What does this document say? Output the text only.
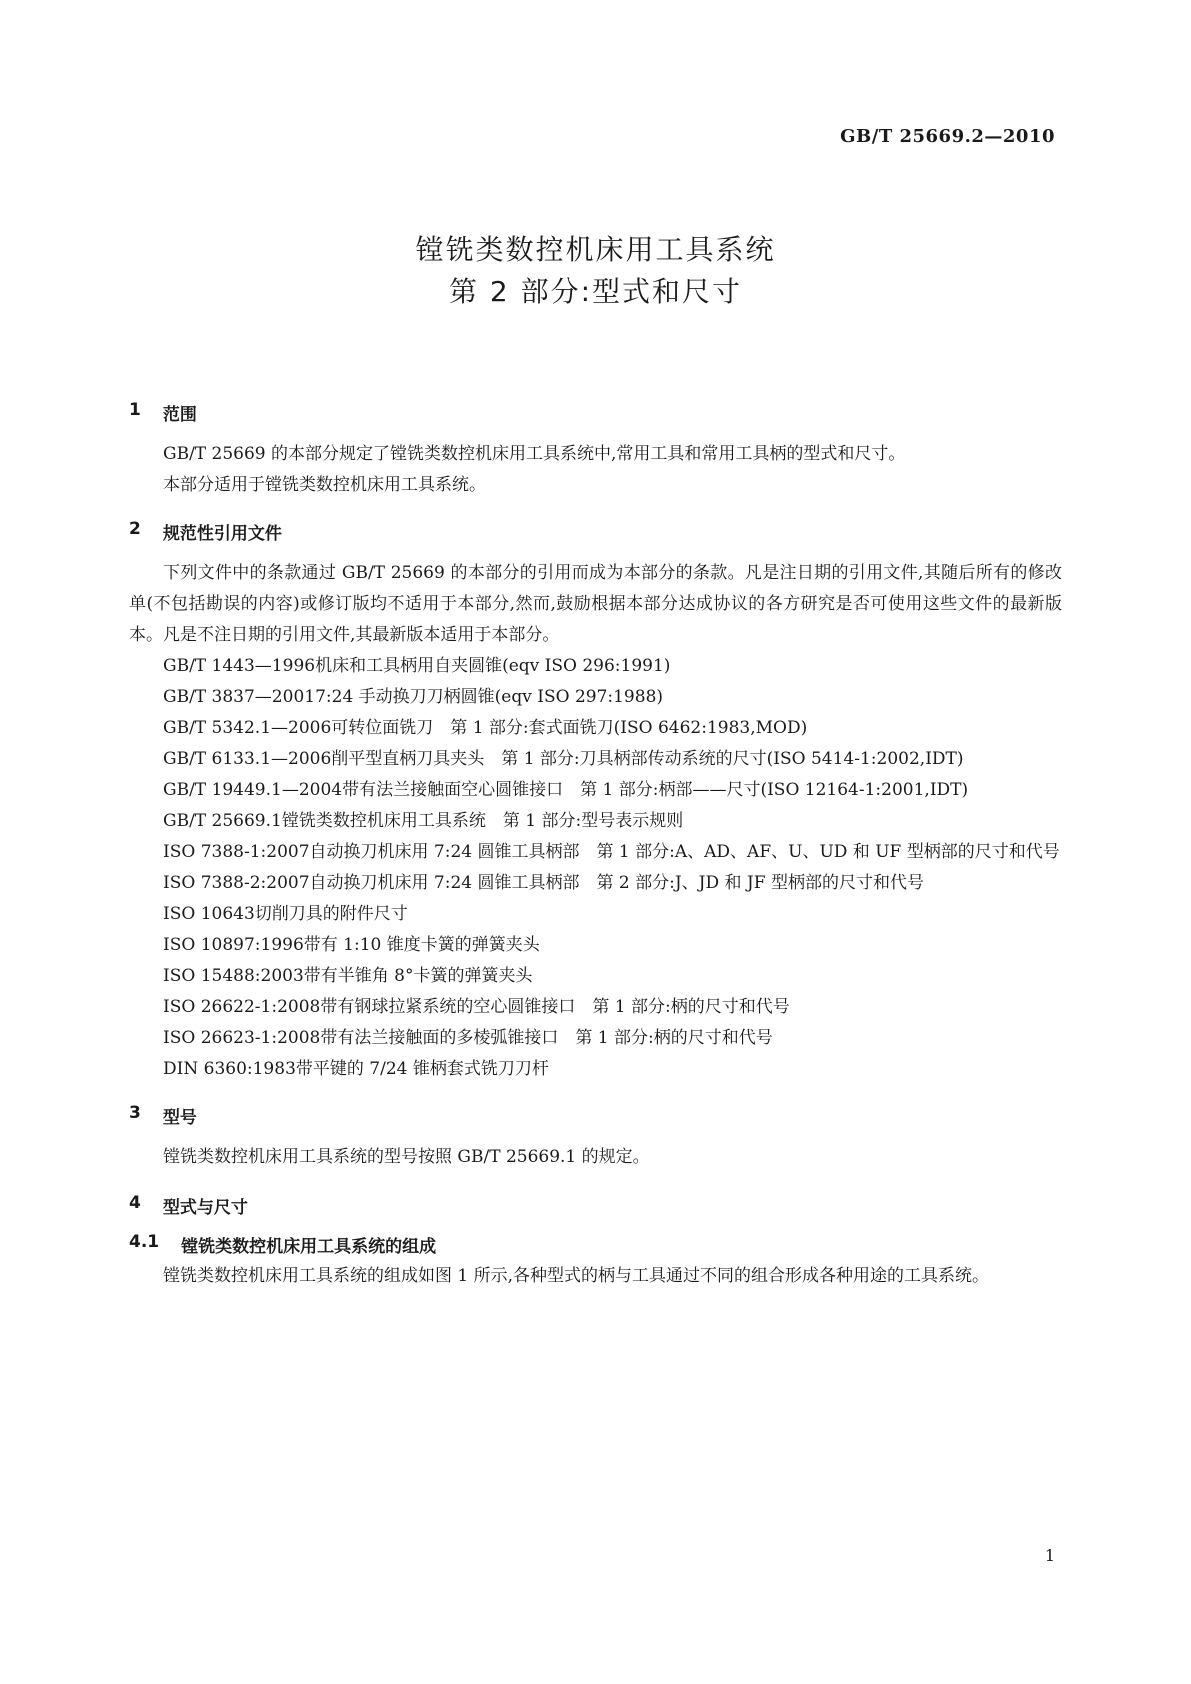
GB/T 25669.2—2010
镗铣类数控机床用工具系统
第 2 部分:型式和尺寸
1 范围
GB/T 25669 的本部分规定了镗铣类数控机床用工具系统中,常用工具和常用工具柄的型式和尺寸。
本部分适用于镗铣类数控机床用工具系统。
2 规范性引用文件
下列文件中的条款通过 GB/T 25669 的本部分的引用而成为本部分的条款。凡是注日期的引用文件,其随后所有的修改单(不包括勘误的内容)或修订版均不适用于本部分,然而,鼓励根据本部分达成协议的各方研究是否可使用这些文件的最新版本。凡是不注日期的引用文件,其最新版本适用于本部分。
GB/T 1443—1996机床和工具柄用自夹圆锥(eqv ISO 296:1991)
GB/T 3837—20017:24 手动换刀刀柄圆锥(eqv ISO 297:1988)
GB/T 5342.1—2006可转位面铣刀　第 1 部分:套式面铣刀(ISO 6462:1983,MOD)
GB/T 6133.1—2006削平型直柄刀具夹头　第 1 部分:刀具柄部传动系统的尺寸(ISO 5414-1:2002,IDT)
GB/T 19449.1—2004带有法兰接触面空心圆锥接口　第 1 部分:柄部——尺寸(ISO 12164-1:2001,IDT)
GB/T 25669.1镗铣类数控机床用工具系统　第 1 部分:型号表示规则
ISO 7388-1:2007自动换刀机床用 7:24 圆锥工具柄部　第 1 部分:A、AD、AF、U、UD 和 UF 型柄部的尺寸和代号
ISO 7388-2:2007自动换刀机床用 7:24 圆锥工具柄部　第 2 部分:J、JD 和 JF 型柄部的尺寸和代号
ISO 10643切削刀具的附件尺寸
ISO 10897:1996带有 1:10 锥度卡簧的弹簧夹头
ISO 15488:2003带有半锥角 8°卡簧的弹簧夹头
ISO 26622-1:2008带有钢球拉紧系统的空心圆锥接口　第 1 部分:柄的尺寸和代号
ISO 26623-1:2008带有法兰接触面的多棱弧锥接口　第 1 部分:柄的尺寸和代号
DIN 6360:1983带平键的 7/24 锥柄套式铣刀刀杆
3 型号
镗铣类数控机床用工具系统的型号按照 GB/T 25669.1 的规定。
4 型式与尺寸
4.1 镗铣类数控机床用工具系统的组成
镗铣类数控机床用工具系统的组成如图 1 所示,各种型式的柄与工具通过不同的组合形成各种用途的工具系统。
1
